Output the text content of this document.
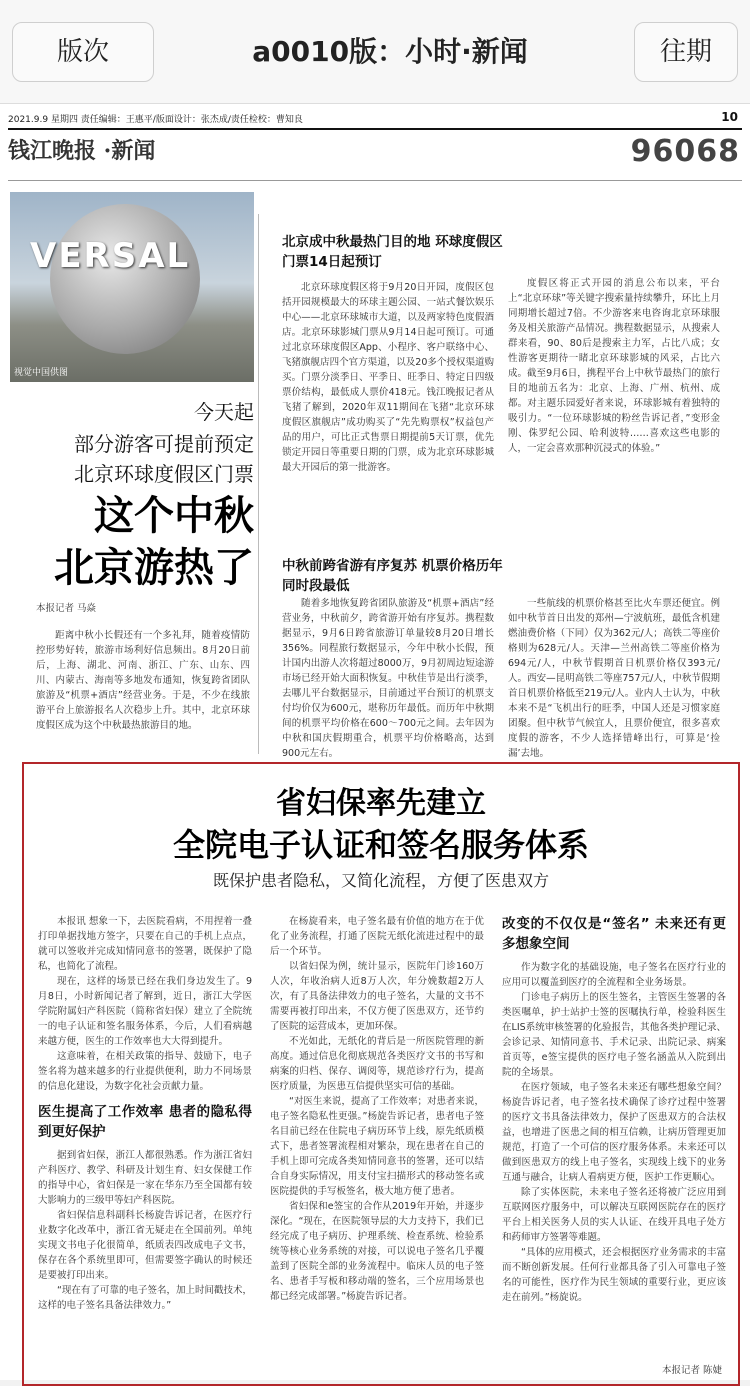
版次	a0010版：小时·新闻	往期
2021.9.9 星期四 责任编辑：王惠平/版面设计：张杰成/责任检校：曹知良	10
钱江晚报 ·新闻	96068
VERSAL
视觉中国供图
今天起
部分游客可提前预定
北京环球度假区门票
这个中秋
北京游热了
本报记者 马焱

距离中秋小长假还有一个多礼拜，随着疫情防控形势好转，旅游市场利好信息频出。8月20日前后，上海、湖北、河南、浙江、广东、山东、四川、内蒙古、海南等多地发布通知，恢复跨省团队旅游及“机票+酒店”经营业务。于是，不少在线旅游平台上旅游报名人次稳步上升。其中，北京环球度假区成为这个中秋最热旅游目的地。

北京成中秋最热门目的地 环球度假区门票14日起预订

北京环球度假区将于9月20日开园，度假区包括开园规模最大的环球主题公园、一站式餐饮娱乐中心——北京环球城市大道，以及两家特色度假酒店。北京环球影城门票从9月14日起可预订。可通过北京环球度假区App、小程序、客户联络中心、飞猪旗舰店四个官方渠道，以及20多个授权渠道购买。门票分淡季日、平季日、旺季日、特定日四级票价结构，最低成人票价418元。钱江晚报记者从飞猪了解到，2020年双11期间在飞猪“北京环球度假区旗舰店”成功购买了“先先购票权”权益包产品的用户，可比正式售票日期提前5天订票，优先锁定开园日等重要日期的门票，成为北京环球影城最大开园后的第一批游客。

度假区将正式开园的消息公布以来，平台上“北京环球”等关键字搜索量持续攀升，环比上月同期增长超过7倍。不少游客来电咨询北京环球服务及相关旅游产品情况。携程数据显示，从搜索人群来看，90、80后是搜索主力军，占比八成；女性游客更期待一睹北京环球影城的风采，占比六成。截至9月6日，携程平台上中秋节最热门的旅行目的地前五名为：北京、上海、广州、杭州、成都。对主题乐园爱好者来说，环球影城有着独特的吸引力。“一位环球影城的粉丝告诉记者，”变形金刚、侏罗纪公园、哈利波特……喜欢这些电影的人，一定会喜欢那种沉浸式的体验。”

中秋前跨省游有序复苏 机票价格历年同时段最低

随着多地恢复跨省团队旅游及“机票+酒店”经营业务，中秋前夕，跨省游开始有序复苏。携程数据显示，9月6日跨省旅游订单量较8月20日增长356%。同程旅行数据显示，今年中秋小长假，预计国内出游人次将超过8000万，9月初周边短途游市场已经开始大面积恢复。中秋佳节是出行淡季，去哪儿平台数据显示，目前通过平台预订的机票支付均价仅为600元，堪称历年最低。而历年中秋期间的机票平均价格在600～700元之间。去年因为中秋和国庆假期重合，机票平均价格略高，达到900元左右。

一些航线的机票价格甚至比火车票还便宜。例如中秋节首日出发的郑州—宁波航班，最低含机建燃油费价格（下同）仅为362元/人；高铁二等座价格则为628元/人。天津—兰州高铁二等座价格为694元/人，中秋节假期首日机票价格仅393元/人。西安—昆明高铁二等座757元/人，中秋节假期首日机票价格低至219元/人。业内人士认为，中秋本来不是“飞机出行的旺季，中国人还是习惯家庭团聚。但中秋节气候宜人，且票价便宜，很多喜欢度假的游客，不少人选择错峰出行，可算是‘捡漏’去地。

省妇保率先建立
全院电子认证和签名服务体系
既保护患者隐私，又简化流程，方便了医患双方

本报讯 想象一下，去医院看病，不用捏着一叠打印单据找地方签字，只要在自己的手机上点点，就可以签收并完成知情同意书的签署，既保护了隐私，也简化了流程。

现在，这样的场景已经在我们身边发生了。9月8日，小时新闻记者了解到，近日，浙江大学医学院附属妇产科医院（简称省妇保）建立了全院统一的电子认证和签名服务体系，今后，人们看病越来越方便，医生的工作效率也大大得到提升。

这意味着，在相关政策的指导、鼓励下，电子签名将为越来越多的行业提供便利，助力不同场景的信息化建设，为数字化社会贡献力量。

医生提高了工作效率 患者的隐私得到更好保护

据到省妇保，浙江人都很熟悉。作为浙江省妇产科医疗、教学、科研及计划生育、妇女保健工作的指导中心，省妇保是一家在华东乃至全国都有较大影响力的三级甲等妇产科医院。

省妇保信息科副科长杨旋告诉记者，在医疗行业数字化改革中，浙江省无疑走在全国前列。单纯实现文书电子化很简单，纸质表四改成电子文书，保存在各个系统里即可，但需要签字确认的时候还是要被打印出来。

“现在有了可靠的电子签名，加上时间戳技术，这样的电子签名具备法律效力。”

在杨旋看来，电子签名最有价值的地方在于优化了业务流程，打通了医院无纸化流进过程中的最后一个环节。

以省妇保为例，统计显示，医院年门诊160万人次，年收治病人近8万人次，年分娩数超2万人次，有了具备法律效力的电子签名，大量的文书不需要再被打印出来，不仅方便了医患双方，还节约了医院的运营成本，更加环保。

不光如此，无纸化的背后是一所医院管理的新高度。通过信息化彻底规范各类医疗文书的书写和病案的归档、保存、调阅等，规范诊疗行为，提高医疗质量，为医患互信提供坚实可信的基础。

“对医生来说，提高了工作效率；对患者来说，电子签名隐私性更强。”杨旋告诉记者，患者电子签名目前已经在住院电子病历环节上线，原先纸质模式下，患者签署流程相对繁杂，现在患者在自己的手机上即可完成各类知情同意书的签署，还可以结合自身实际情况，用支付宝扫描形式的移动签名或医院提供的手写板签名，极大地方便了患者。

省妇保和e签宝的合作从2019年开始，并逐步深化。“现在，在医院领导层的大力支持下，我们已经完成了电子病历、护理系统、检查系统、检验系统等核心业务系统的对接，可以说电子签名几乎覆盖到了医院全部的业务流程中。临床人员的电子签名、患者手写板和移动端的签名，三个应用场景也都已经完成部署。”杨旋告诉记者。

改变的不仅仅是“签名” 未来还有更多想象空间

作为数字化的基础设施，电子签名在医疗行业的应用可以覆盖到医疗的全流程和全业务场景。

门诊电子病历上的医生签名，主管医生签署的各类医嘱单，护士站护士签的医嘱执行单，检验科医生在LIS系统审核签署的化验报告，其他各类护理记录、会诊记录、知情同意书、手术记录、出院记录、病案首页等，e签宝提供的医疗电子签名涵盖从入院到出院的全场景。

在医疗领域，电子签名未来还有哪些想象空间？杨旋告诉记者，电子签名技术确保了诊疗过程中签署的医疗文书具备法律效力，保护了医患双方的合法权益，也增进了医患之间的相互信赖，让病历管理更加规范，打造了一个可信的医疗服务体系。未来还可以做到医患双方的线上电子签名，实现线上线下的业务互通与融合，让病人看病更方便，医护工作更顺心。

除了实体医院，未来电子签名还将被广泛应用到互联网医疗服务中，可以解决互联网医院存在的医疗平台上相关医务人员的实人认证、在线开具电子处方和药师审方签署等难题。

“具体的应用模式，还会根据医疗业务需求的丰富而不断创新发展。任何行业都具备了引入可靠电子签名的可能性，医疗作为民生领域的重要行业，更应该走在前列。”杨旋说。

本报记者 陈婕
